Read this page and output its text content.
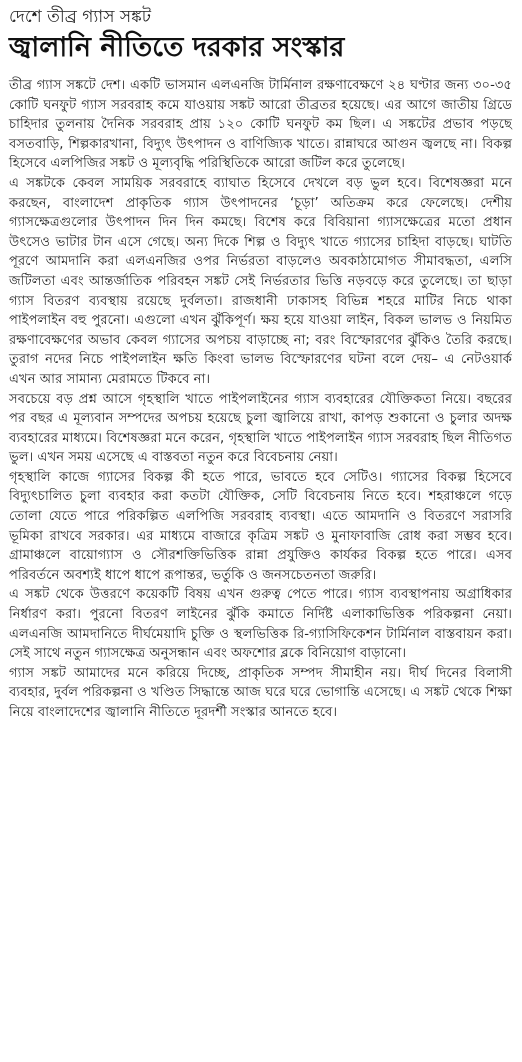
দেশে তীব্র গ্যাস সঙ্কট
জ্বালানি নীতিতে দরকার সংস্কার

তীব্র গ্যাস সঙ্কটে দেশ। একটি ভাসমান এলএনজি টার্মিনাল রক্ষণাবেক্ষণে ২৪ ঘণ্টার জন্য ৩০-৩৫ কোটি ঘনফুট গ্যাস সরবরাহ কমে যাওয়ায় সঙ্কট আরো তীব্রতর হয়েছে। এর আগে জাতীয় গ্রিডে চাহিদার তুলনায় দৈনিক সরবরাহ প্রায় ১২০ কোটি ঘনফুট কম ছিল। এ সঙ্কটের প্রভাব পড়ছে বসতবাড়ি, শিল্পকারখানা, বিদ্যুৎ উৎপাদন ও বাণিজ্যিক খাতে। রান্নাঘরে আগুন জ্বলছে না। বিকল্প হিসেবে এলপিজির সঙ্কট ও মূল্যবৃদ্ধি পরিস্থিতিকে আরো জটিল করে তুলেছে।

এ সঙ্কটকে কেবল সাময়িক সরবরাহে ব্যাঘাত হিসেবে দেখলে বড় ভুল হবে। বিশেষজ্ঞরা মনে করছেন, বাংলাদেশ প্রাকৃতিক গ্যাস উৎপাদনের ‘চূড়া’ অতিক্রম করে ফেলেছে। দেশীয় গ্যাসক্ষেত্রগুলোর উৎপাদন দিন দিন কমছে। বিশেষ করে বিবিয়ানা গ্যাসক্ষেত্রের মতো প্রধান উৎসেও ভাটার টান এসে গেছে। অন্য দিকে শিল্প ও বিদ্যুৎ খাতে গ্যাসের চাহিদা বাড়ছে। ঘাটতি পূরণে আমদানি করা এলএনজির ওপর নির্ভরতা বাড়লেও অবকাঠামোগত সীমাবদ্ধতা, এলসি জটিলতা এবং আন্তর্জাতিক পরিবহন সঙ্কট সেই নির্ভরতার ভিত্তি নড়বড়ে করে তুলেছে। তা ছাড়া গ্যাস বিতরণ ব্যবস্থায় রয়েছে দুর্বলতা। রাজধানী ঢাকাসহ বিভিন্ন শহরে মাটির নিচে থাকা পাইপলাইন বহু পুরনো। এগুলো এখন ঝুঁকিপূর্ণ। ক্ষয় হয়ে যাওয়া লাইন, বিকল ভালভ ও নিয়মিত রক্ষণাবেক্ষণের অভাব কেবল গ্যাসের অপচয় বাড়াচ্ছে না; বরং বিস্ফোরণের ঝুঁকিও তৈরি করছে। তুরাগ নদের নিচে পাইপলাইন ক্ষতি কিংবা ভালভ বিস্ফোরণের ঘটনা বলে দেয়– এ নেটওয়ার্ক এখন আর সামান্য মেরামতে টিকবে না।

সবচেয়ে বড় প্রশ্ন আসে গৃহস্থালি খাতে পাইপলাইনের গ্যাস ব্যবহারের যৌক্তিকতা নিয়ে। বছরের পর বছর এ মূল্যবান সম্পদের অপচয় হয়েছে চুলা জ্বালিয়ে রাখা, কাপড় শুকানো ও চুলার অদক্ষ ব্যবহারের মাধ্যমে। বিশেষজ্ঞরা মনে করেন, গৃহস্থালি খাতে পাইপলাইন গ্যাস সরবরাহ ছিল নীতিগত ভুল। এখন সময় এসেছে এ বাস্তবতা নতুন করে বিবেচনায় নেয়া।

গৃহস্থালি কাজে গ্যাসের বিকল্প কী হতে পারে, ভাবতে হবে সেটিও। গ্যাসের বিকল্প হিসেবে বিদ্যুৎচালিত চুলা ব্যবহার করা কতটা যৌক্তিক, সেটি বিবেচনায় নিতে হবে। শহরাঞ্চলে গড়ে তোলা যেতে পারে পরিকল্পিত এলপিজি সরবরাহ ব্যবস্থা। এতে আমদানি ও বিতরণে সরাসরি ভূমিকা রাখবে সরকার। এর মাধ্যমে বাজারে কৃত্রিম সঙ্কট ও মুনাফাবাজি রোধ করা সম্ভব হবে। গ্রামাঞ্চলে বায়োগ্যাস ও সৌরশক্তিভিত্তিক রান্না প্রযুক্তিও কার্যকর বিকল্প হতে পারে। এসব পরিবর্তনে অবশ্যই ধাপে ধাপে রূপান্তর, ভর্তুকি ও জনসচেতনতা জরুরি।

এ সঙ্কট থেকে উত্তরণে কয়েকটি বিষয় এখন গুরুত্ব পেতে পারে। গ্যাস ব্যবস্থাপনায় অগ্রাধিকার নির্ধারণ করা। পুরনো বিতরণ লাইনের ঝুঁকি কমাতে নির্দিষ্ট এলাকাভিত্তিক পরিকল্পনা নেয়া। এলএনজি আমদানিতে দীর্ঘমেয়াদি চুক্তি ও স্থলভিত্তিক রি-গ্যাসিফিকেশন টার্মিনাল বাস্তবায়ন করা। সেই সাথে নতুন গ্যাসক্ষেত্র অনুসন্ধান এবং অফশোর ব্লকে বিনিয়োগ বাড়ানো।

গ্যাস সঙ্কট আমাদের মনে করিয়ে দিচ্ছে, প্রাকৃতিক সম্পদ সীমাহীন নয়। দীর্ঘ দিনের বিলাসী ব্যবহার, দুর্বল পরিকল্পনা ও খণ্ডিত সিদ্ধান্তে আজ ঘরে ঘরে ভোগান্তি এসেছে। এ সঙ্কট থেকে শিক্ষা নিয়ে বাংলাদেশের জ্বালানি নীতিতে দূরদর্শী সংস্কার আনতে হবে।
